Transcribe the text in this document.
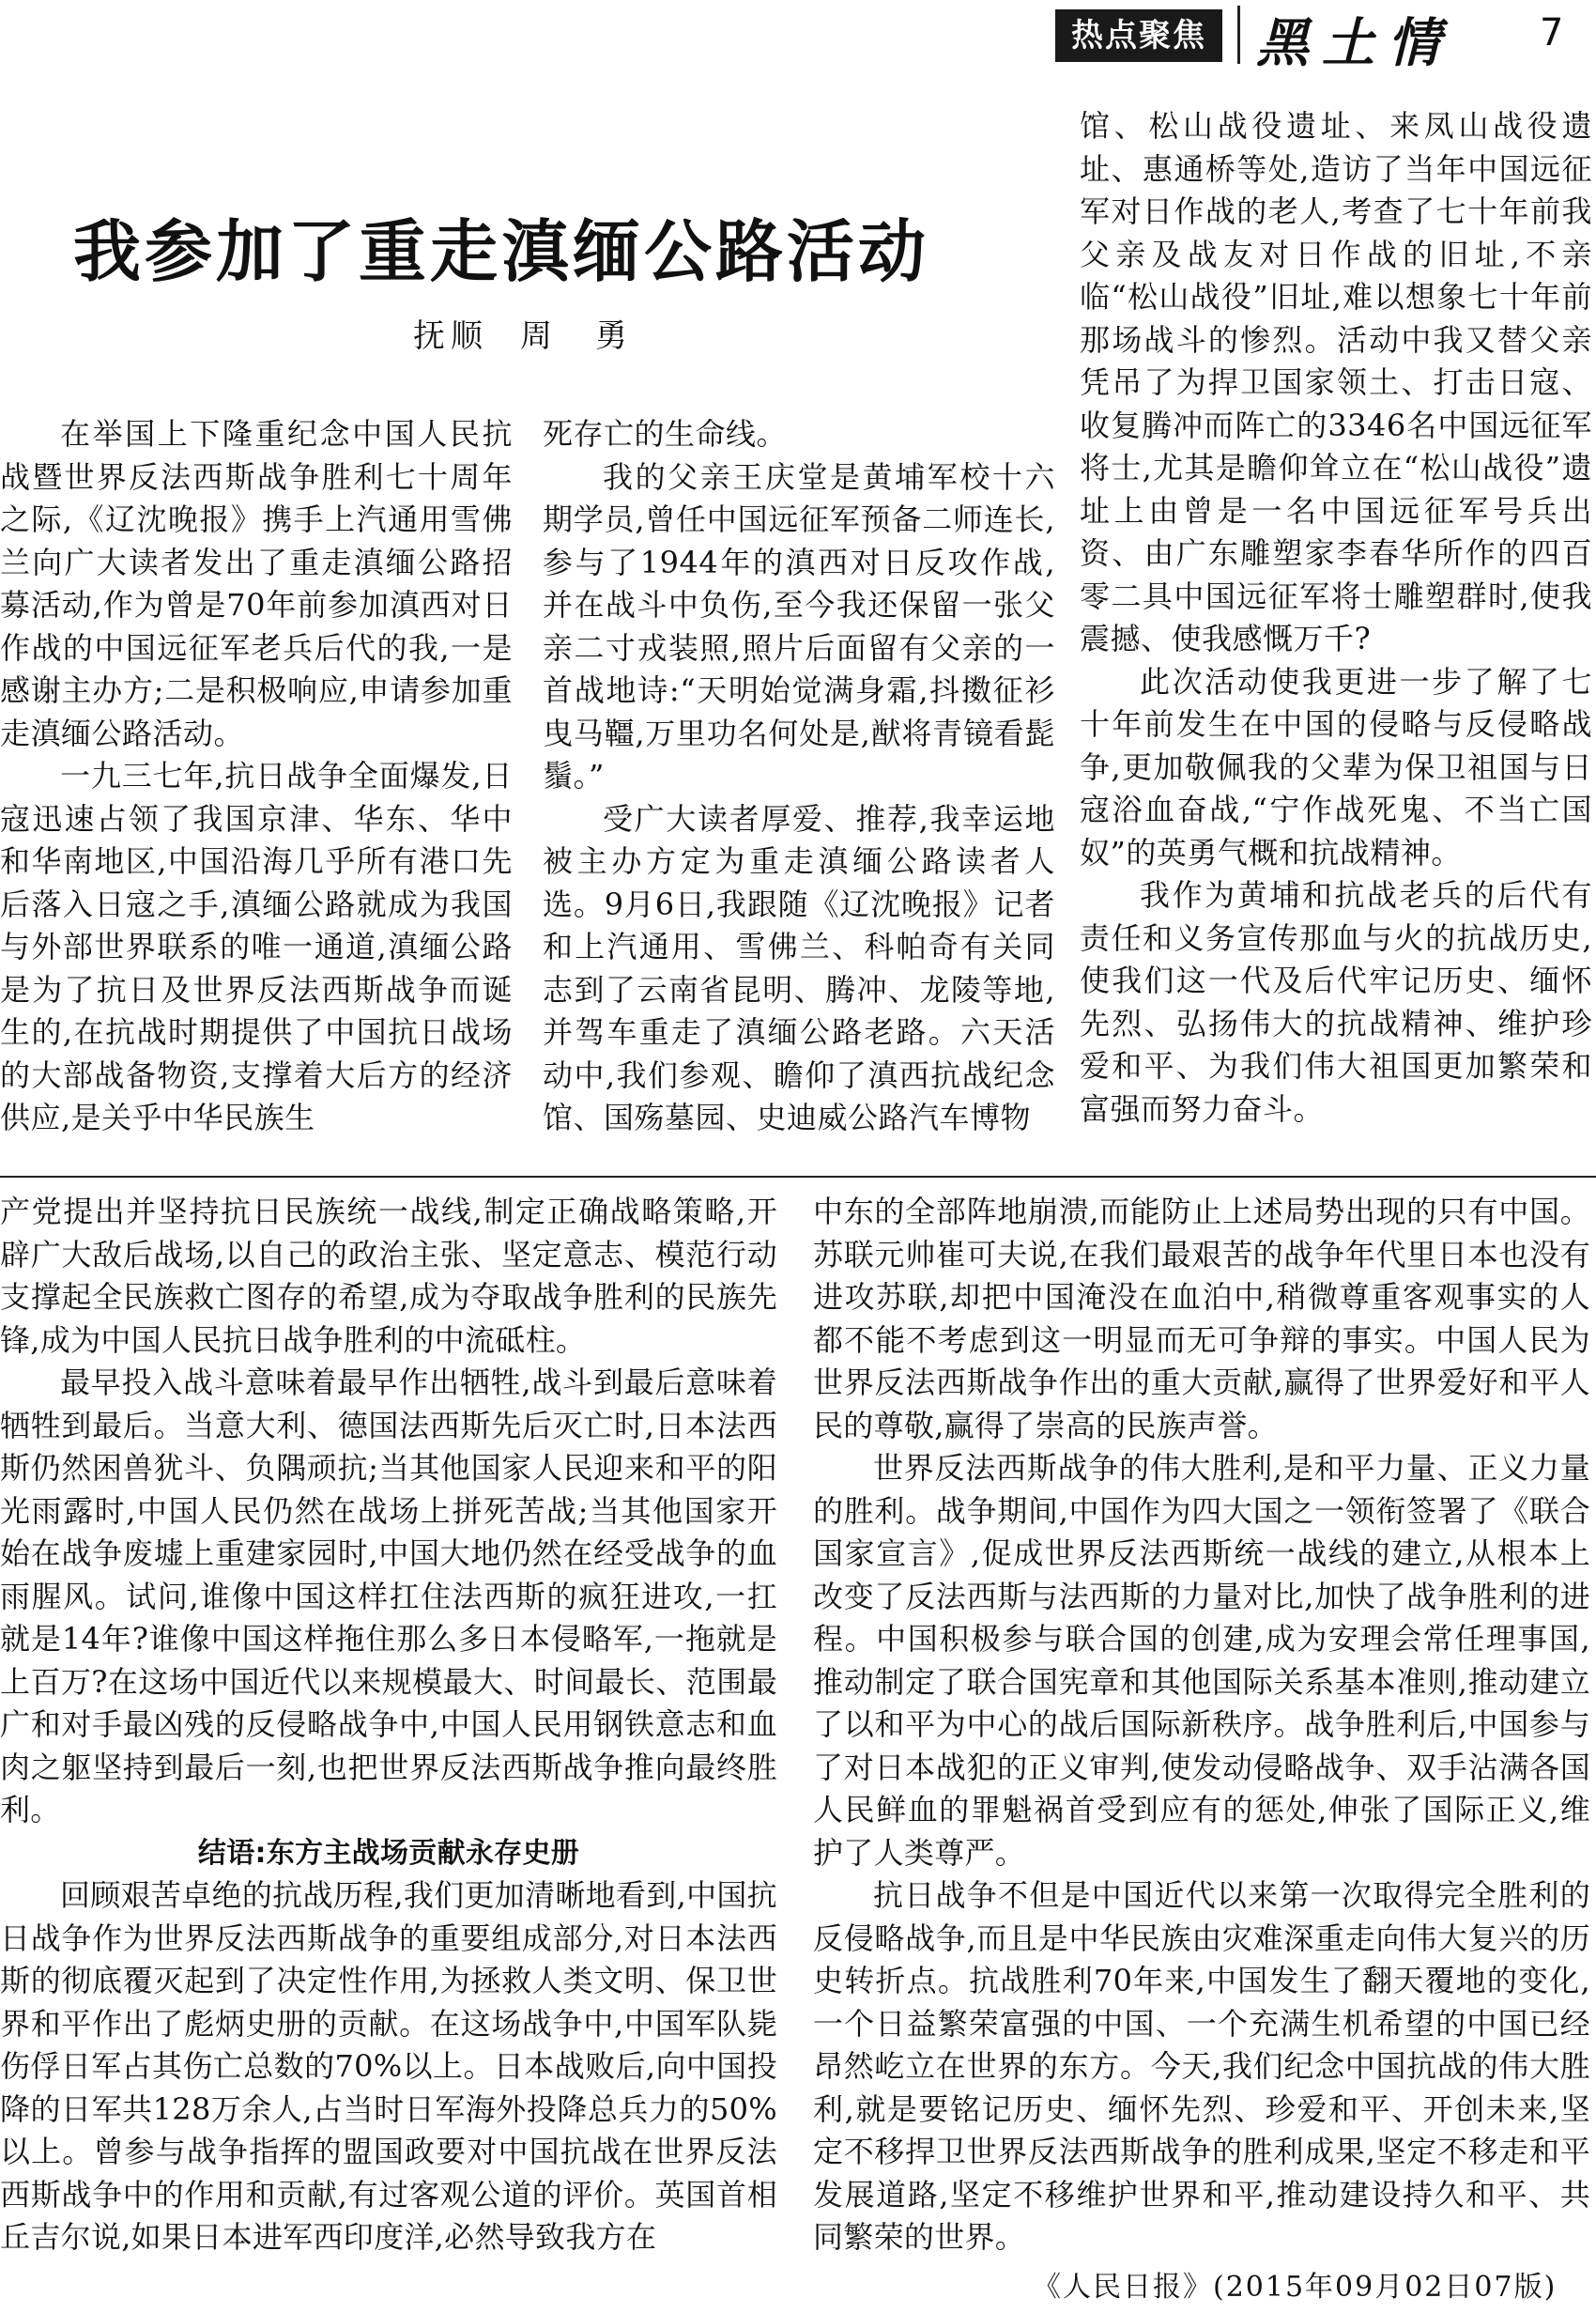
热点聚焦 黑土情 7
我参加了重走滇缅公路活动
抚顺 周　勇

在举国上下隆重纪念中国人民抗战暨世界反法西斯战争胜利七十周年之际,《辽沈晚报》携手上汽通用雪佛兰向广大读者发出了重走滇缅公路招募活动,作为曾是70年前参加滇西对日作战的中国远征军老兵后代的我,一是感谢主办方;二是积极响应,申请参加重走滇缅公路活动。

一九三七年,抗日战争全面爆发,日寇迅速占领了我国京津、华东、华中和华南地区,中国沿海几乎所有港口先后落入日寇之手,滇缅公路就成为我国与外部世界联系的唯一通道,滇缅公路是为了抗日及世界反法西斯战争而诞生的,在抗战时期提供了中国抗日战场的大部战备物资,支撑着大后方的经济供应,是关乎中华民族生

死存亡的生命线。

我的父亲王庆堂是黄埔军校十六期学员,曾任中国远征军预备二师连长,参与了1944年的滇西对日反攻作战,并在战斗中负伤,至今我还保留一张父亲二寸戎装照,照片后面留有父亲的一首战地诗:“天明始觉满身霜,抖擞征衫曳马韁,万里功名何处是,猷将青镜看髭鬚。”

受广大读者厚爱、推荐,我幸运地被主办方定为重走滇缅公路读者人选。9月6日,我跟随《辽沈晚报》记者和上汽通用、雪佛兰、科帕奇有关同志到了云南省昆明、腾冲、龙陵等地,并驾车重走了滇缅公路老路。六天活动中,我们参观、瞻仰了滇西抗战纪念馆、国殇墓园、史迪威公路汽车博物

馆、松山战役遗址、来凤山战役遗址、惠通桥等处,造访了当年中国远征军对日作战的老人,考查了七十年前我父亲及战友对日作战的旧址,不亲临“松山战役”旧址,难以想象七十年前那场战斗的惨烈。活动中我又替父亲凭吊了为捍卫国家领土、打击日寇、收复腾冲而阵亡的3346名中国远征军将士,尤其是瞻仰耸立在“松山战役”遗址上由曾是一名中国远征军号兵出资、由广东雕塑家李春华所作的四百零二具中国远征军将士雕塑群时,使我震撼、使我感慨万千?

此次活动使我更进一步了解了七十年前发生在中国的侵略与反侵略战争,更加敬佩我的父辈为保卫祖国与日寇浴血奋战,“宁作战死鬼、不当亡国奴”的英勇气概和抗战精神。

我作为黄埔和抗战老兵的后代有责任和义务宣传那血与火的抗战历史,使我们这一代及后代牢记历史、缅怀先烈、弘扬伟大的抗战精神、维护珍爱和平、为我们伟大祖国更加繁荣和富强而努力奋斗。

产党提出并坚持抗日民族统一战线,制定正确战略策略,开辟广大敌后战场,以自己的政治主张、坚定意志、模范行动支撑起全民族救亡图存的希望,成为夺取战争胜利的民族先锋,成为中国人民抗日战争胜利的中流砥柱。

最早投入战斗意味着最早作出牺牲,战斗到最后意味着牺牲到最后。当意大利、德国法西斯先后灭亡时,日本法西斯仍然困兽犹斗、负隅顽抗;当其他国家人民迎来和平的阳光雨露时,中国人民仍然在战场上拼死苦战;当其他国家开始在战争废墟上重建家园时,中国大地仍然在经受战争的血雨腥风。试问,谁像中国这样扛住法西斯的疯狂进攻,一扛就是14年?谁像中国这样拖住那么多日本侵略军,一拖就是上百万?在这场中国近代以来规模最大、时间最长、范围最广和对手最凶残的反侵略战争中,中国人民用钢铁意志和血肉之躯坚持到最后一刻,也把世界反法西斯战争推向最终胜利。

结语:东方主战场贡献永存史册

回顾艰苦卓绝的抗战历程,我们更加清晰地看到,中国抗日战争作为世界反法西斯战争的重要组成部分,对日本法西斯的彻底覆灭起到了决定性作用,为拯救人类文明、保卫世界和平作出了彪炳史册的贡献。在这场战争中,中国军队毙伤俘日军占其伤亡总数的70%以上。日本战败后,向中国投降的日军共128万余人,占当时日军海外投降总兵力的50%以上。曾参与战争指挥的盟国政要对中国抗战在世界反法西斯战争中的作用和贡献,有过客观公道的评价。英国首相丘吉尔说,如果日本进军西印度洋,必然导致我方在

中东的全部阵地崩溃,而能防止上述局势出现的只有中国。苏联元帅崔可夫说,在我们最艰苦的战争年代里日本也没有进攻苏联,却把中国淹没在血泊中,稍微尊重客观事实的人都不能不考虑到这一明显而无可争辩的事实。中国人民为世界反法西斯战争作出的重大贡献,赢得了世界爱好和平人民的尊敬,赢得了崇高的民族声誉。

世界反法西斯战争的伟大胜利,是和平力量、正义力量的胜利。战争期间,中国作为四大国之一领衔签署了《联合国家宣言》,促成世界反法西斯统一战线的建立,从根本上改变了反法西斯与法西斯的力量对比,加快了战争胜利的进程。中国积极参与联合国的创建,成为安理会常任理事国,推动制定了联合国宪章和其他国际关系基本准则,推动建立了以和平为中心的战后国际新秩序。战争胜利后,中国参与了对日本战犯的正义审判,使发动侵略战争、双手沾满各国人民鲜血的罪魁祸首受到应有的惩处,伸张了国际正义,维护了人类尊严。

抗日战争不但是中国近代以来第一次取得完全胜利的反侵略战争,而且是中华民族由灾难深重走向伟大复兴的历史转折点。抗战胜利70年来,中国发生了翻天覆地的变化,一个日益繁荣富强的中国、一个充满生机希望的中国已经昂然屹立在世界的东方。今天,我们纪念中国抗战的伟大胜利,就是要铭记历史、缅怀先烈、珍爱和平、开创未来,坚定不移捍卫世界反法西斯战争的胜利成果,坚定不移走和平发展道路,坚定不移维护世界和平,推动建设持久和平、共同繁荣的世界。

《人民日报》(2015年09月02日07版)
